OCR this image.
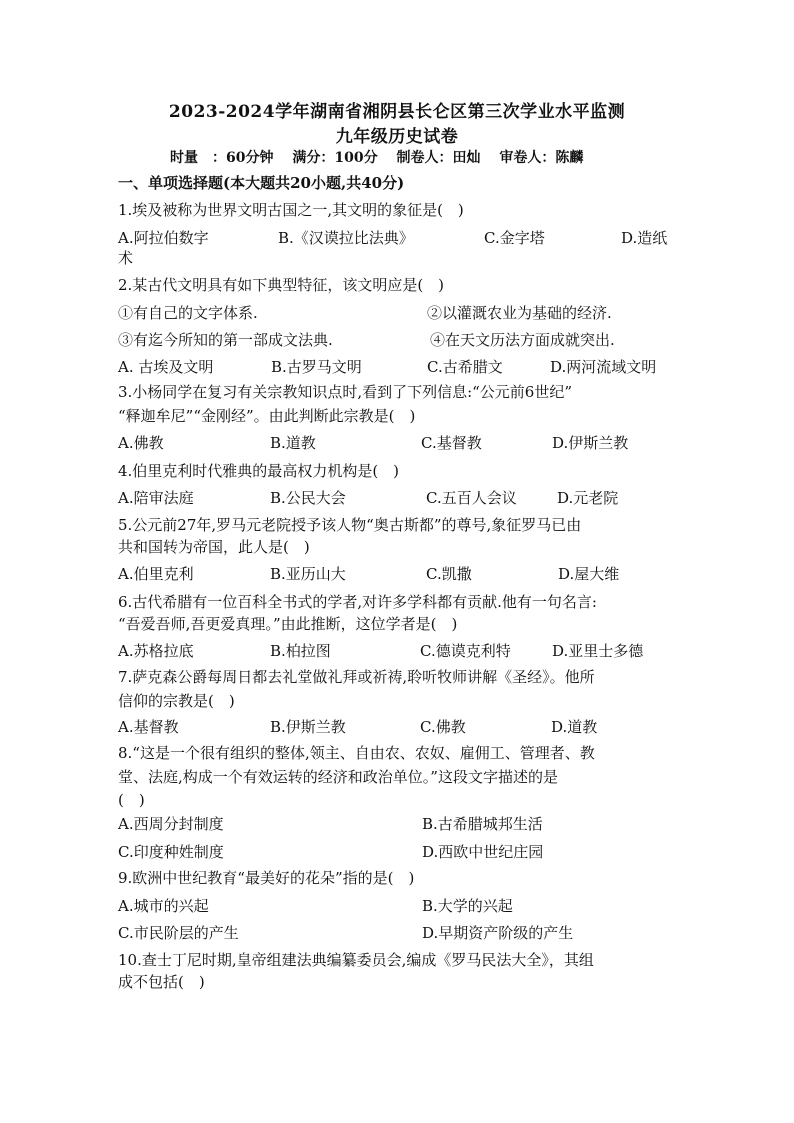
2023-2024学年湖南省湘阴县长仑区第三次学业水平监测
九年级历史试卷
时量　：60分钟 满分：100分 制卷人：田灿 审卷人：陈麟
一、单项选择题(本大题共20小题,共40分)
1.埃及被称为世界文明古国之一,其文明的象征是(　)
A.阿拉伯数字	B.《汉谟拉比法典》	C.金字塔	D.造纸
术
2.某古代文明具有如下典型特征，该文明应是(　)
①有自己的文字体系.	②以灌溉农业为基础的经济.
③有迄今所知的第一部成文法典.	④在天文历法方面成就突出.
A. 古埃及文明	B.古罗马文明	C.古希腊文	D.两河流域文明
3.小杨同学在复习有关宗教知识点时,看到了下列信息:“公元前6世纪”
“释迦牟尼”“金刚经”。由此判断此宗教是(　)
A.佛教	B.道教	C.基督教	D.伊斯兰教
4.伯里克利时代雅典的最高权力机构是(　)
A.陪审法庭	B.公民大会	C.五百人会议	D.元老院
5.公元前27年,罗马元老院授予该人物“奥古斯都”的尊号,象征罗马已由
共和国转为帝国，此人是(　)
A.伯里克利	B.亚历山大	C.凯撒	D.屋大维
6.古代希腊有一位百科全书式的学者,对许多学科都有贡献.他有一句名言:
“吾爱吾师,吾更爱真理。”由此推断，这位学者是(　)
A.苏格拉底	B.柏拉图	C.德谟克利特	D.亚里士多德
7.萨克森公爵每周日都去礼堂做礼拜或祈祷,聆听牧师讲解《圣经》。他所
信仰的宗教是(　)
A.基督教	B.伊斯兰教	C.佛教	D.道教
8.“这是一个很有组织的整体,领主、自由农、农奴、雇佣工、管理者、教
堂、法庭,构成一个有效运转的经济和政治单位。”这段文字描述的是
(　)
A.西周分封制度	B.古希腊城邦生活
C.印度种姓制度	D.西欧中世纪庄园
9.欧洲中世纪教育“最美好的花朵”指的是(　)
A.城市的兴起	B.大学的兴起
C.市民阶层的产生	D.早期资产阶级的产生
10.查士丁尼时期,皇帝组建法典编纂委员会,编成《罗马民法大全》，其组
成不包括(　)
